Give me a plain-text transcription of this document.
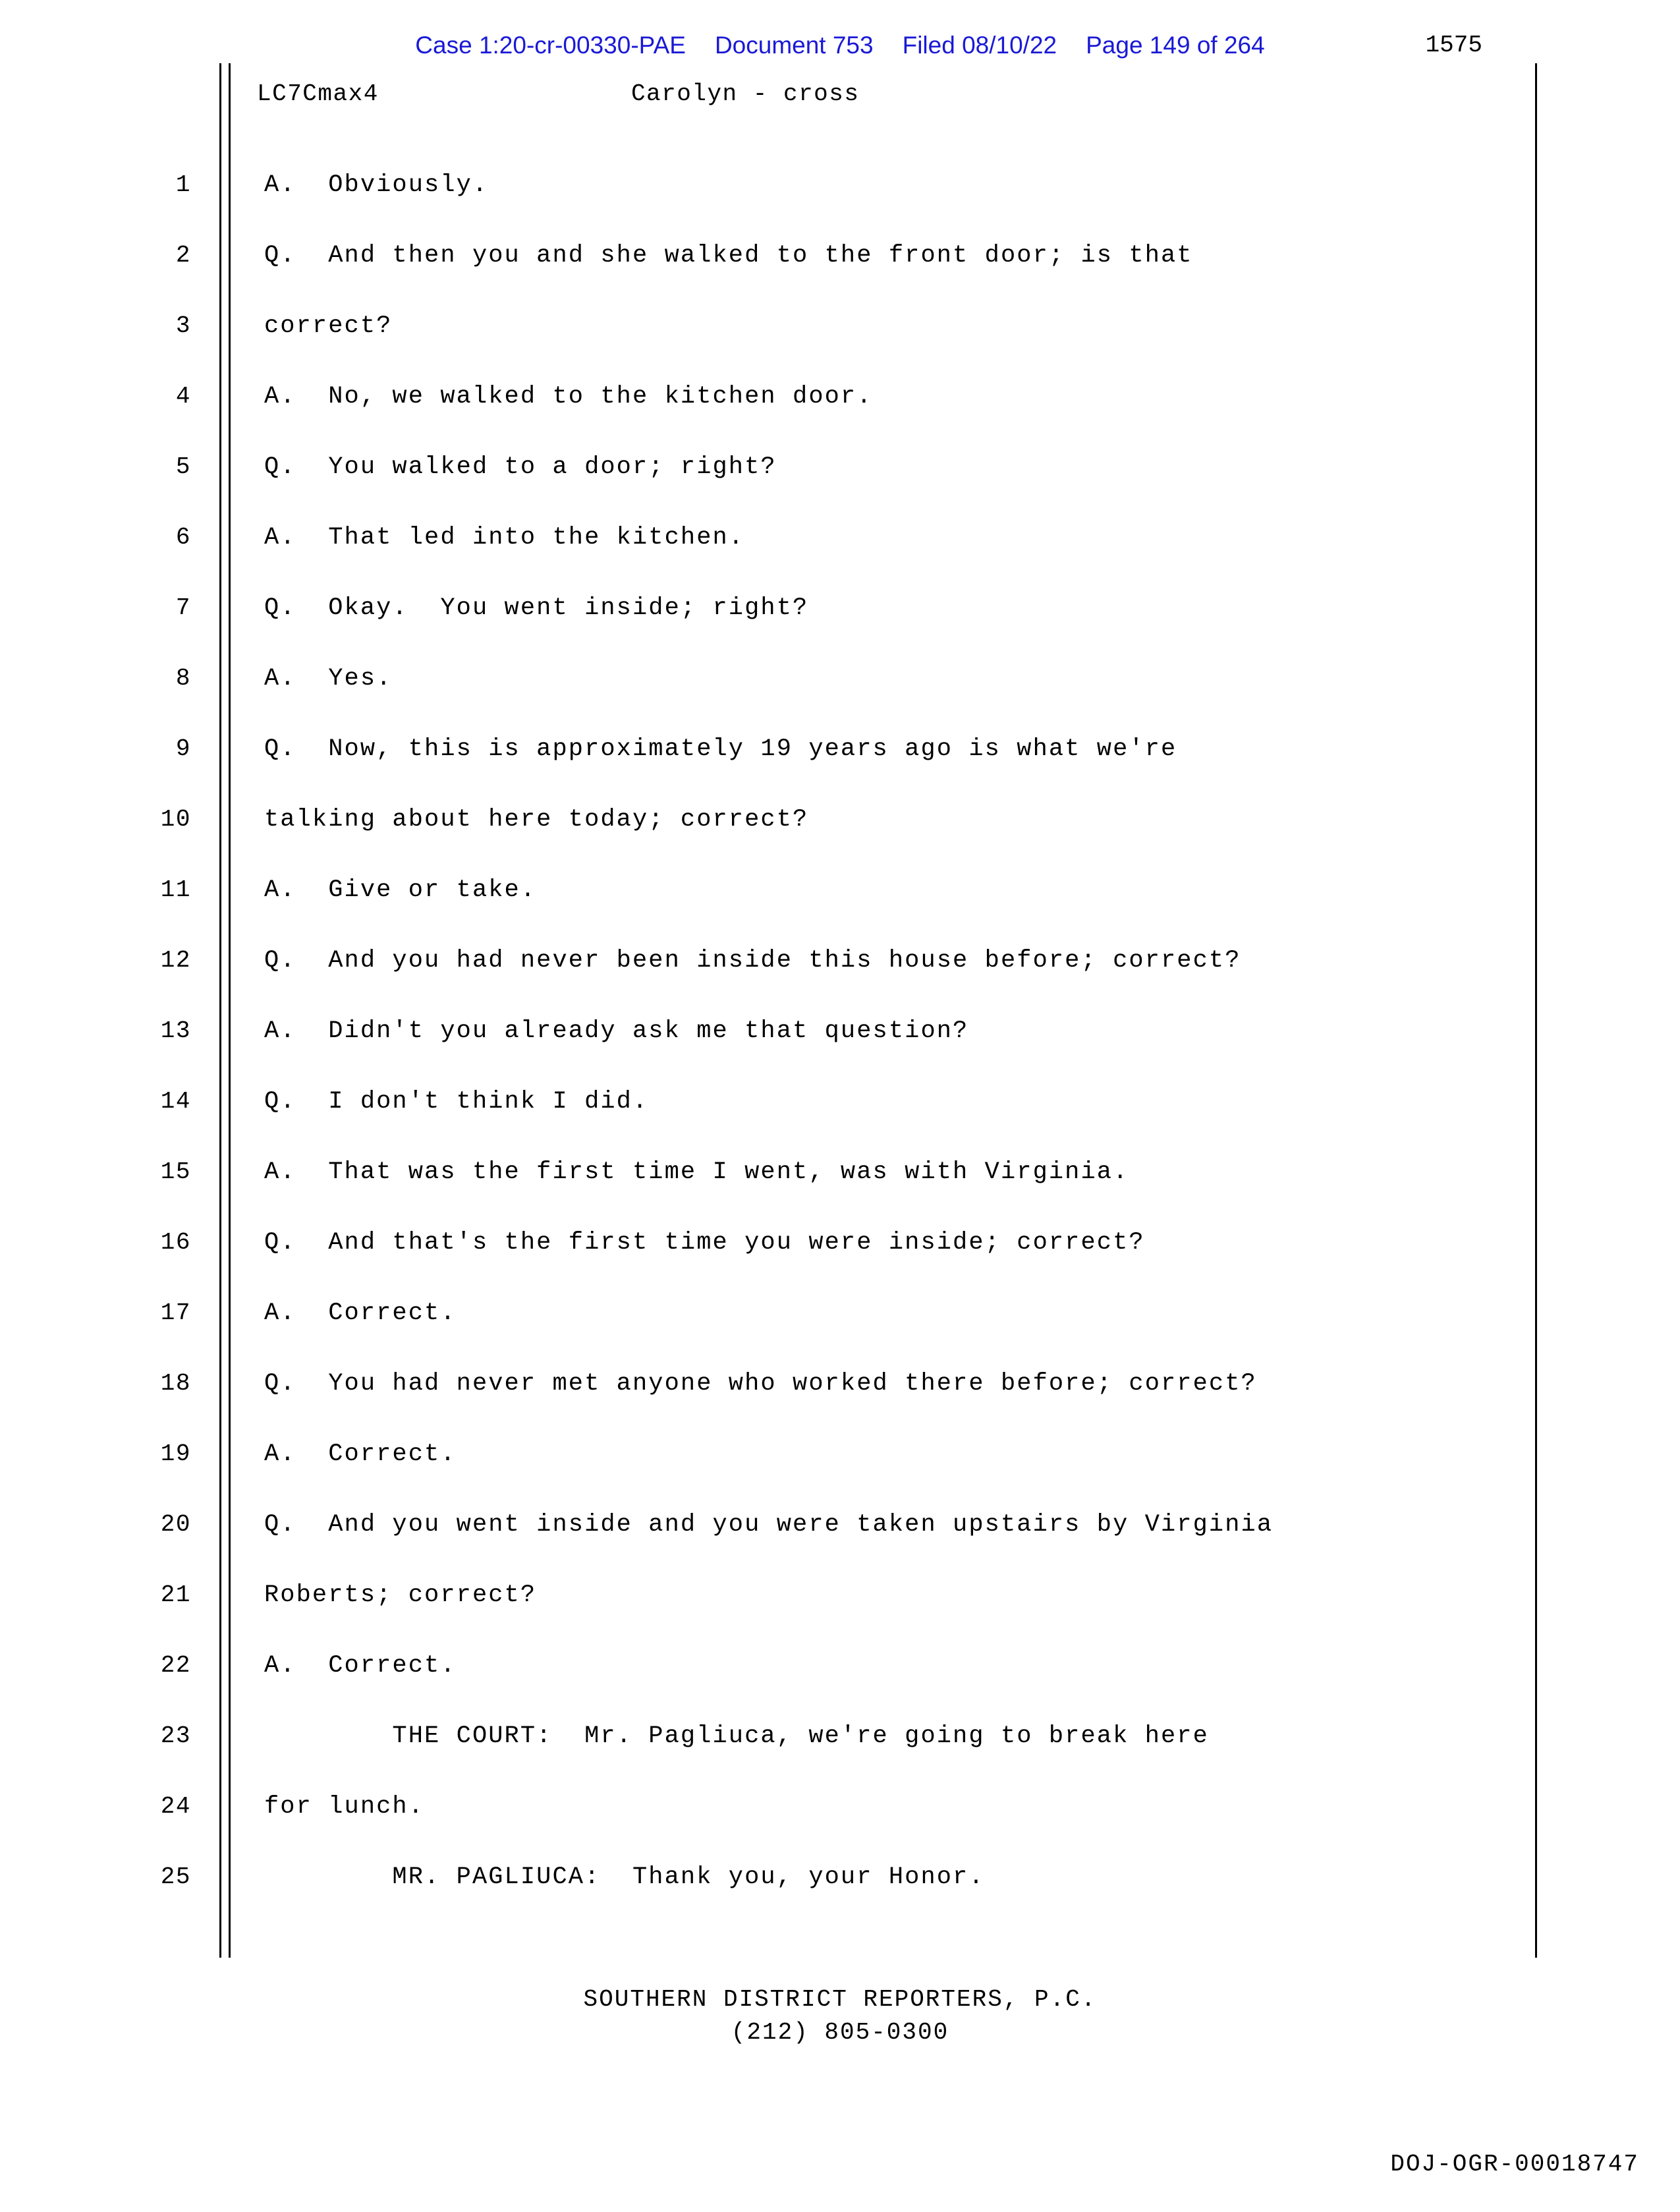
Case 1:20-cr-00330-PAE Document 753 Filed 08/10/22 Page 149 of 264	1575
LC7Cmax4	Carolyn - cross
1	A.  Obviously.
2	Q.  And then you and she walked to the front door; is that
3	correct?
4	A.  No, we walked to the kitchen door.
5	Q.  You walked to a door; right?
6	A.  That led into the kitchen.
7	Q.  Okay.  You went inside; right?
8	A.  Yes.
9	Q.  Now, this is approximately 19 years ago is what we're
10	talking about here today; correct?
11	A.  Give or take.
12	Q.  And you had never been inside this house before; correct?
13	A.  Didn't you already ask me that question?
14	Q.  I don't think I did.
15	A.  That was the first time I went, was with Virginia.
16	Q.  And that's the first time you were inside; correct?
17	A.  Correct.
18	Q.  You had never met anyone who worked there before; correct?
19	A.  Correct.
20	Q.  And you went inside and you were taken upstairs by Virginia
21	Roberts; correct?
22	A.  Correct.
23	THE COURT:  Mr. Pagliuca, we're going to break here
24	for lunch.
25	MR. PAGLIUCA:  Thank you, your Honor.
SOUTHERN DISTRICT REPORTERS, P.C.
(212) 805-0300
DOJ-OGR-00018747
